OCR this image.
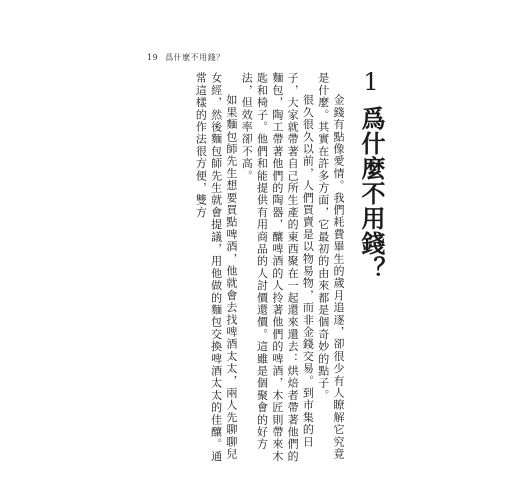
19 爲什麼不用錢？
1爲什麼不用錢？

金錢有點像愛情。我們耗費畢生的歲月追逐，卻很少有人瞭解它究竟是什麼。其實在許多方面，它最初的由來都是個奇妙的點子。

很久很久以前，人們買賣是以物易物，而非金錢交易。到市集的日子，大家就帶著自己所生產的東西聚在一起還來還去：烘焙者帶著他們的麵包，陶工帶著他們的陶器，釀啤酒的人拎著他們的啤酒，木匠則帶來木匙和椅子。他們和能提供有用商品的人討價還價。這雖是個聚會的好方法，但效率卻不高。

如果麵包師先生想要買點啤酒，他就會去找啤酒太太，兩人先聊聊兒女經，然後麵包師先生就會提議，用他做的麵包交換啤酒太太的佳釀。通常這樣的作法很方便，雙方
